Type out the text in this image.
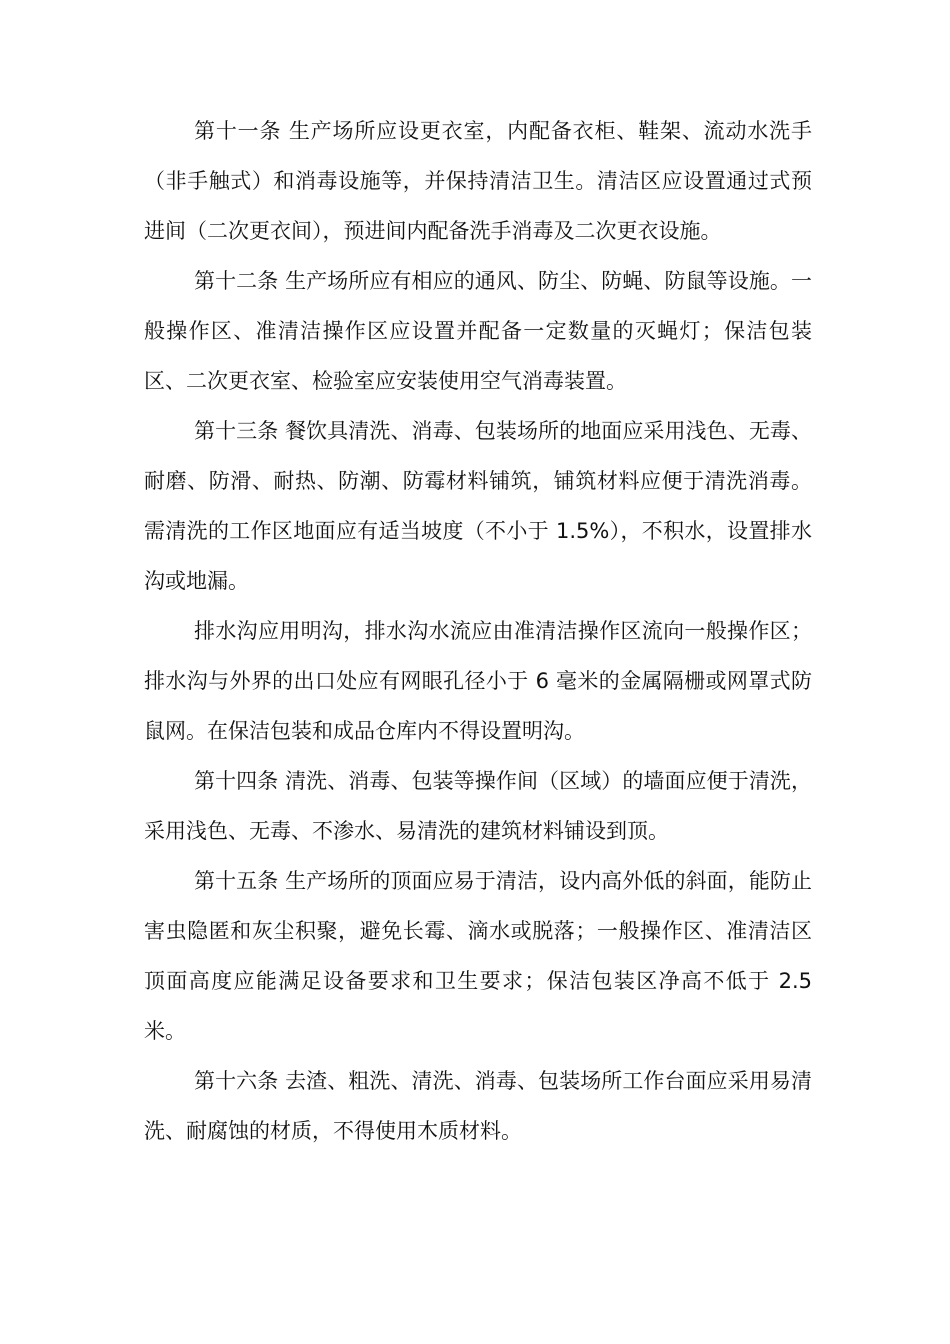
第十一条 生产场所应设更衣室，内配备衣柜、鞋架、流动水洗手（非手触式）和消毒设施等，并保持清洁卫生。清洁区应设置通过式预进间（二次更衣间），预进间内配备洗手消毒及二次更衣设施。

第十二条 生产场所应有相应的通风、防尘、防蝇、防鼠等设施。一般操作区、准清洁操作区应设置并配备一定数量的灭蝇灯；保洁包装区、二次更衣室、检验室应安装使用空气消毒装置。

第十三条 餐饮具清洗、消毒、包装场所的地面应采用浅色、无毒、耐磨、防滑、耐热、防潮、防霉材料铺筑，铺筑材料应便于清洗消毒。需清洗的工作区地面应有适当坡度（不小于 1.5%），不积水，设置排水沟或地漏。

排水沟应用明沟，排水沟水流应由准清洁操作区流向一般操作区；排水沟与外界的出口处应有网眼孔径小于 6 毫米的金属隔栅或网罩式防鼠网。在保洁包装和成品仓库内不得设置明沟。

第十四条 清洗、消毒、包装等操作间（区域）的墙面应便于清洗，采用浅色、无毒、不渗水、易清洗的建筑材料铺设到顶。

第十五条 生产场所的顶面应易于清洁，设内高外低的斜面，能防止害虫隐匿和灰尘积聚，避免长霉、滴水或脱落；一般操作区、准清洁区顶面高度应能满足设备要求和卫生要求；保洁包装区净高不低于 2.5 米。

第十六条 去渣、粗洗、清洗、消毒、包装场所工作台面应采用易清洗、耐腐蚀的材质，不得使用木质材料。
